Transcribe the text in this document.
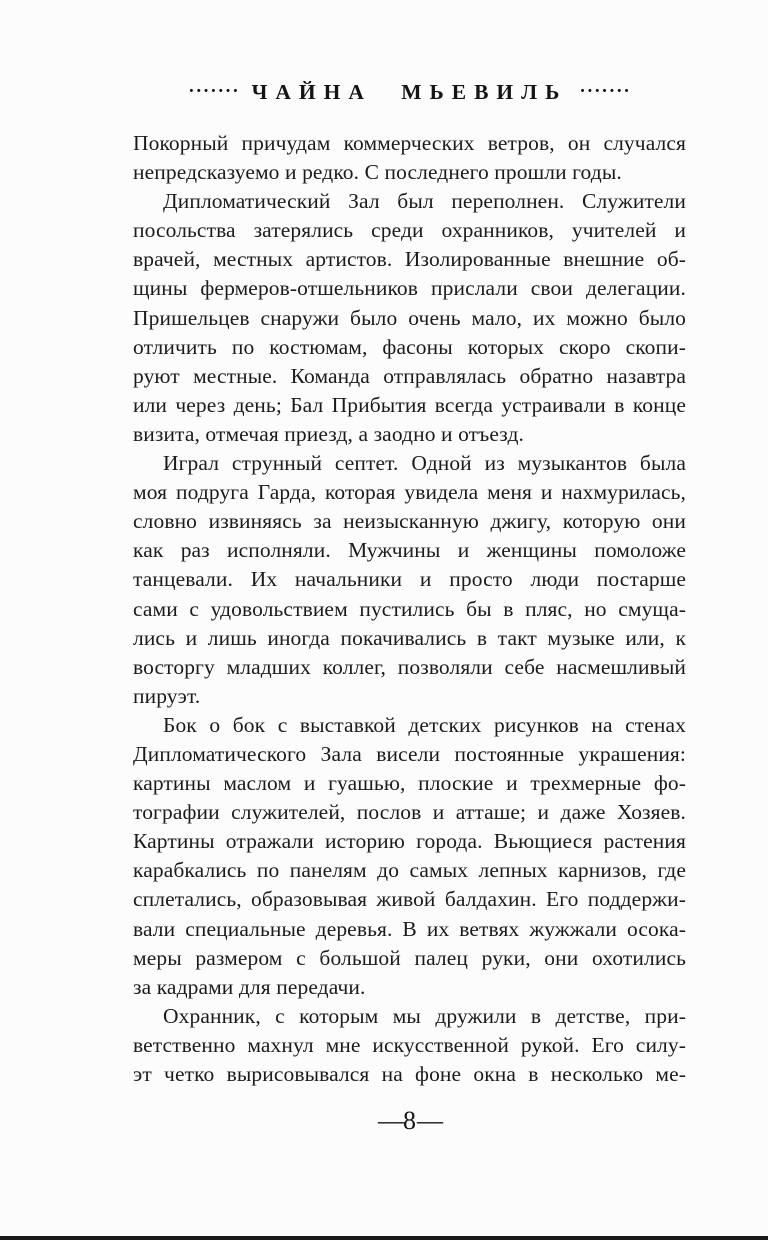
······· ЧАЙНА МЬЕВИЛЬ ·······
Покорный причудам коммерческих ветров, он случался
непредсказуемо и редко. С последнего прошли годы.
Дипломатический Зал был переполнен. Служители
посольства затерялись среди охранников, учителей и
врачей, местных артистов. Изолированные внешние об-
щины фермеров-отшельников прислали свои делегации.
Пришельцев снаружи было очень мало, их можно было
отличить по костюмам, фасоны которых скоро скопи-
руют местные. Команда отправлялась обратно назавтра
или через день; Бал Прибытия всегда устраивали в конце
визита, отмечая приезд, а заодно и отъезд.
Играл струнный септет. Одной из музыкантов была
моя подруга Гарда, которая увидела меня и нахмурилась,
словно извиняясь за неизысканную джигу, которую они
как раз исполняли. Мужчины и женщины помоложе
танцевали. Их начальники и просто люди постарше
сами с удовольствием пустились бы в пляс, но смуща-
лись и лишь иногда покачивались в такт музыке или, к
восторгу младших коллег, позволяли себе насмешливый
пируэт.
Бок о бок с выставкой детских рисунков на стенах
Дипломатического Зала висели постоянные украшения:
картины маслом и гуашью, плоские и трехмерные фо-
тографии служителей, послов и атташе; и даже Хозяев.
Картины отражали историю города. Вьющиеся растения
карабкались по панелям до самых лепных карнизов, где
сплетались, образовывая живой балдахин. Его поддержи-
вали специальные деревья. В их ветвях жужжали осока-
меры размером с большой палец руки, они охотились
за кадрами для передачи.
Охранник, с которым мы дружили в детстве, при-
ветственно махнул мне искусственной рукой. Его силу-
эт четко вырисовывался на фоне окна в несколько ме-
—8—
